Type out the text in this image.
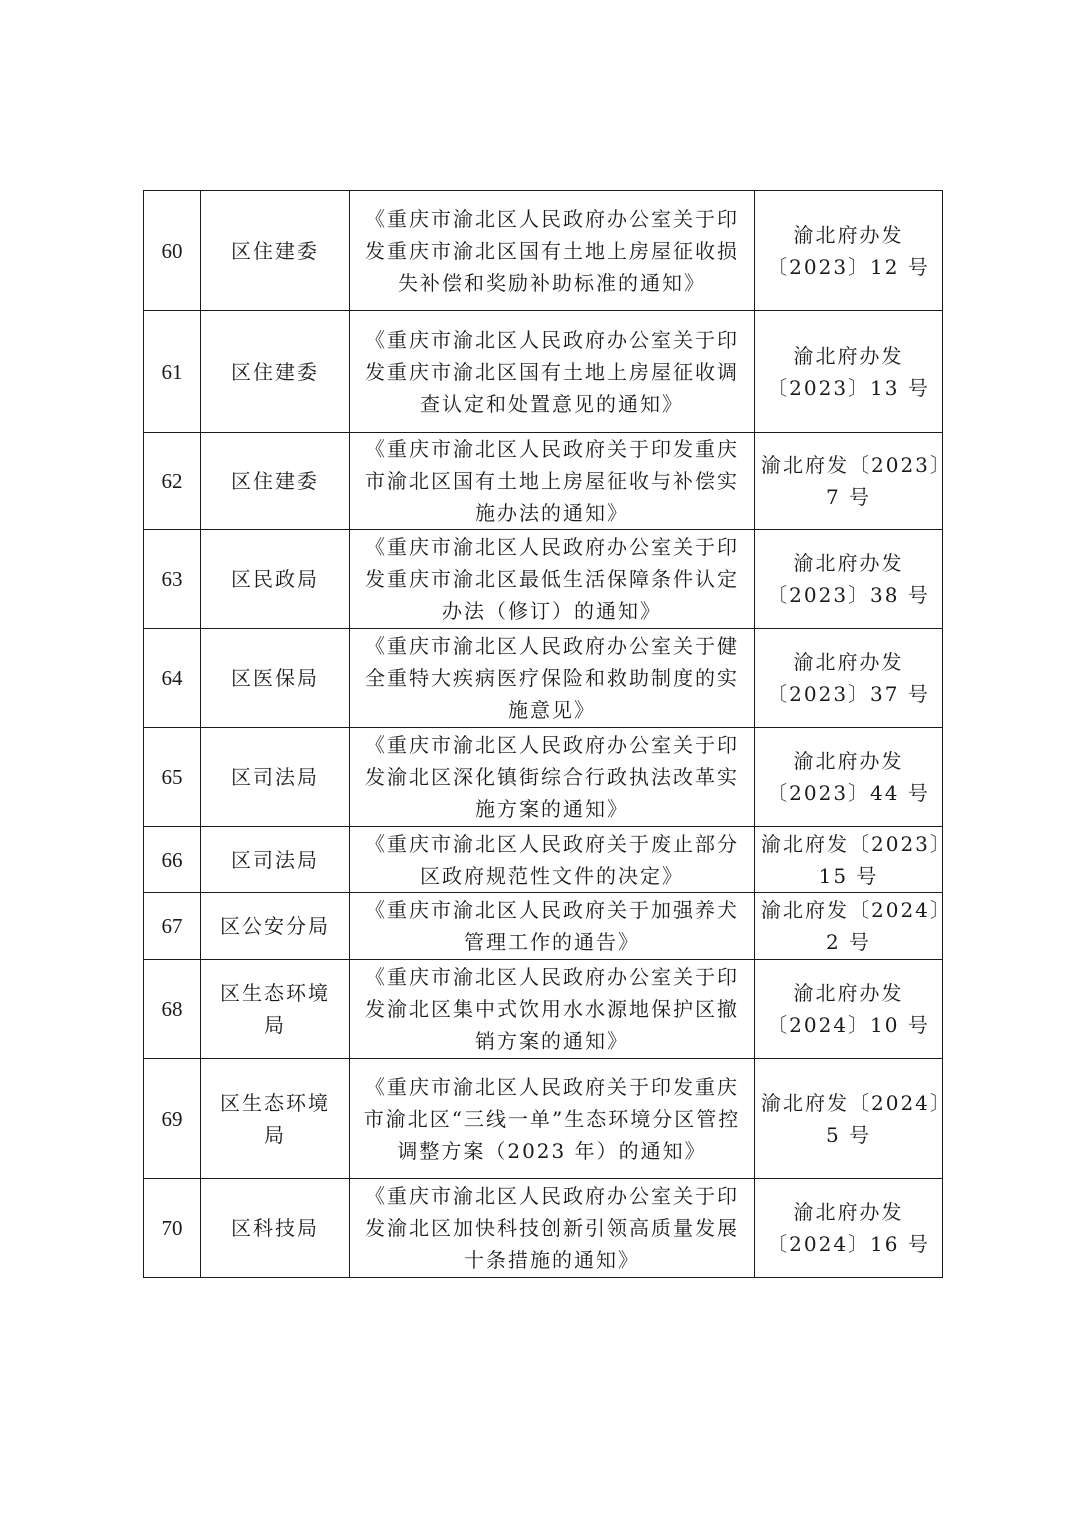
60	区住建委	《重庆市渝北区人民政府办公室关于印
发重庆市渝北区国有土地上房屋征收损
失补偿和奖励补助标准的通知》	渝北府办发
〔2023〕12 号

61	区住建委	《重庆市渝北区人民政府办公室关于印
发重庆市渝北区国有土地上房屋征收调
查认定和处置意见的通知》	渝北府办发
〔2023〕13 号

62	区住建委	《重庆市渝北区人民政府关于印发重庆
市渝北区国有土地上房屋征收与补偿实
施办法的通知》	渝北府发〔2023〕
7 号

63	区民政局	《重庆市渝北区人民政府办公室关于印
发重庆市渝北区最低生活保障条件认定
办法（修订）的通知》	渝北府办发
〔2023〕38 号

64	区医保局	《重庆市渝北区人民政府办公室关于健
全重特大疾病医疗保险和救助制度的实
施意见》	渝北府办发
〔2023〕37 号

65	区司法局	《重庆市渝北区人民政府办公室关于印
发渝北区深化镇街综合行政执法改革实
施方案的通知》	渝北府办发
〔2023〕44 号

66	区司法局	《重庆市渝北区人民政府关于废止部分
区政府规范性文件的决定》	渝北府发〔2023〕
15 号

67	区公安分局	《重庆市渝北区人民政府关于加强养犬
管理工作的通告》	渝北府发〔2024〕
2 号

68	区生态环境
局	《重庆市渝北区人民政府办公室关于印
发渝北区集中式饮用水水源地保护区撤
销方案的通知》	渝北府办发
〔2024〕10 号

69	区生态环境
局	《重庆市渝北区人民政府关于印发重庆
市渝北区“三线一单”生态环境分区管控
调整方案（2023 年）的通知》	渝北府发〔2024〕
5 号

70	区科技局	《重庆市渝北区人民政府办公室关于印
发渝北区加快科技创新引领高质量发展
十条措施的通知》	渝北府办发
〔2024〕16 号
